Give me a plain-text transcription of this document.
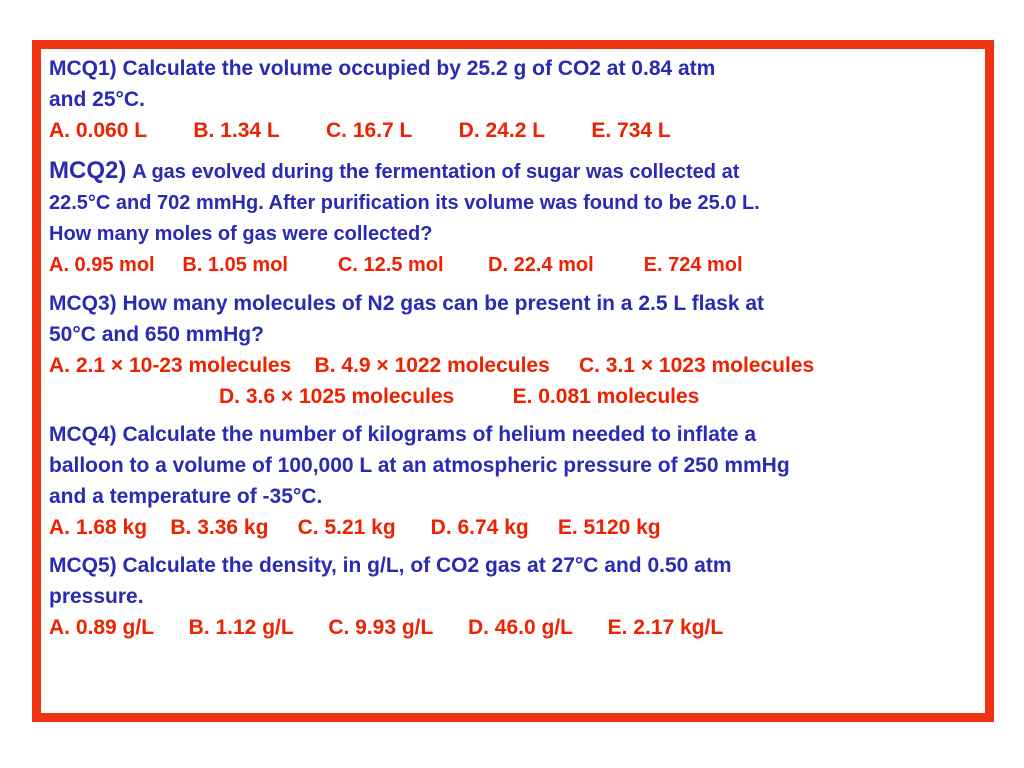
MCQ1) Calculate the volume occupied by 25.2 g of CO2 at 0.84 atm
and 25°C.
A. 0.060 L        B. 1.34 L        C. 16.7 L        D. 24.2 L        E. 734 L
MCQ2) A gas evolved during the fermentation of sugar was collected at
22.5°C and 702 mmHg. After purification its volume was found to be 25.0 L.
How many moles of gas were collected?
A. 0.95 mol     B. 1.05 mol         C. 12.5 mol        D. 22.4 mol         E. 724 mol
MCQ3) How many molecules of N2 gas can be present in a 2.5 L flask at
50°C and 650 mmHg?
A. 2.1 × 10-23 molecules    B. 4.9 × 1022 molecules     C. 3.1 × 1023 molecules
D. 3.6 × 1025 molecules          E. 0.081 molecules
MCQ4) Calculate the number of kilograms of helium needed to inflate a
balloon to a volume of 100,000 L at an atmospheric pressure of 250 mmHg
and a temperature of -35°C.
A. 1.68 kg    B. 3.36 kg     C. 5.21 kg      D. 6.74 kg     E. 5120 kg
MCQ5) Calculate the density, in g/L, of CO2 gas at 27°C and 0.50 atm
pressure.
A. 0.89 g/L      B. 1.12 g/L      C. 9.93 g/L      D. 46.0 g/L      E. 2.17 kg/L
